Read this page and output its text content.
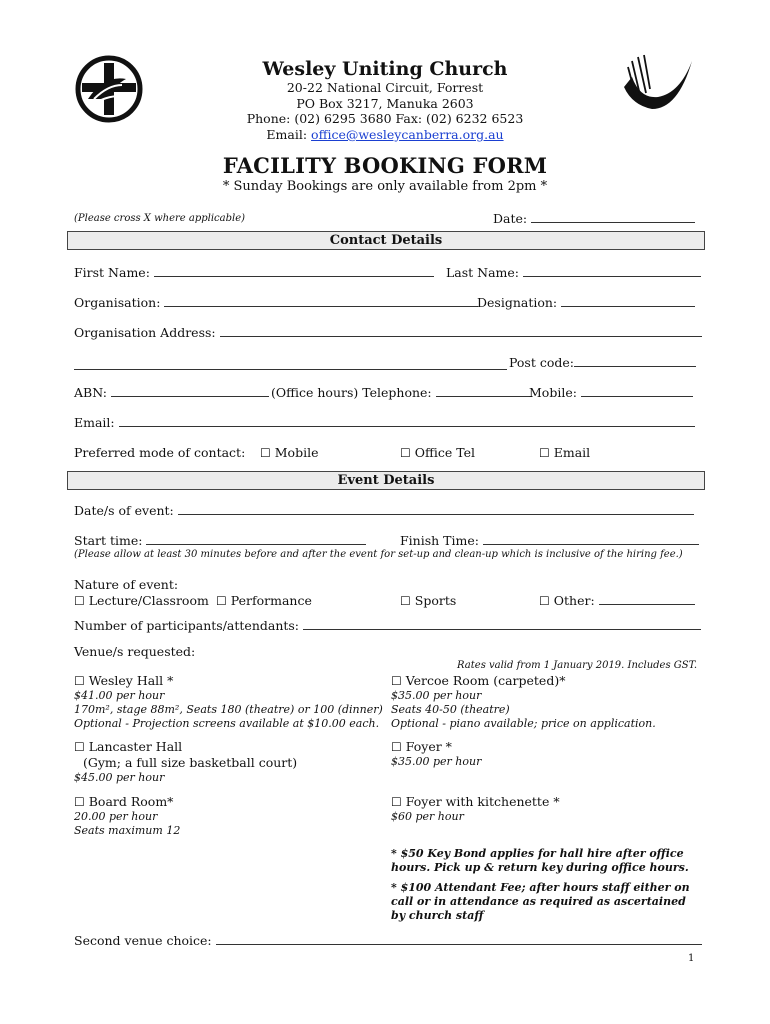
Wesley Uniting Church
20-22 National Circuit, Forrest
PO Box 3217, Manuka 2603
Phone: (02) 6295 3680 Fax: (02) 6232 6523
Email: office@wesleycanberra.org.au
FACILITY BOOKING FORM
* Sunday Bookings are only available from 2pm *
(Please cross X where applicable)	Date:
Contact Details
First Name:	Last Name:
Organisation:	Designation:
Organisation Address:
Post code:
ABN:	(Office hours) Telephone:	Mobile:
Email:
Preferred mode of contact: ☐ Mobile	☐ Office Tel	☐ Email
Event Details
Date/s of event:
Start time:	Finish Time:
(Please allow at least 30 minutes before and after the event for set-up and clean-up which is inclusive of the hiring fee.)
Nature of event:
☐ Lecture/Classroom ☐ Performance	☐ Sports	☐ Other:
Number of participants/attendants:
Venue/s requested:
Rates valid from 1 January 2019. Includes GST.
☐ Wesley Hall *
$41.00 per hour
170m², stage 88m², Seats 180 (theatre) or 100 (dinner)
Optional - Projection screens available at $10.00 each.
☐ Lancaster Hall
(Gym; a full size basketball court)
$45.00 per hour
☐ Board Room*
20.00 per hour
Seats maximum 12
☐ Vercoe Room (carpeted)*
$35.00 per hour
Seats 40-50 (theatre)
Optional - piano available; price on application.
☐ Foyer *
$35.00 per hour
☐ Foyer with kitchenette *
$60 per hour
* $50 Key Bond applies for hall hire after office hours. Pick up & return key during office hours.
* $100 Attendant Fee; after hours staff either on call or in attendance as required as ascertained by church staff
Second venue choice:
1
